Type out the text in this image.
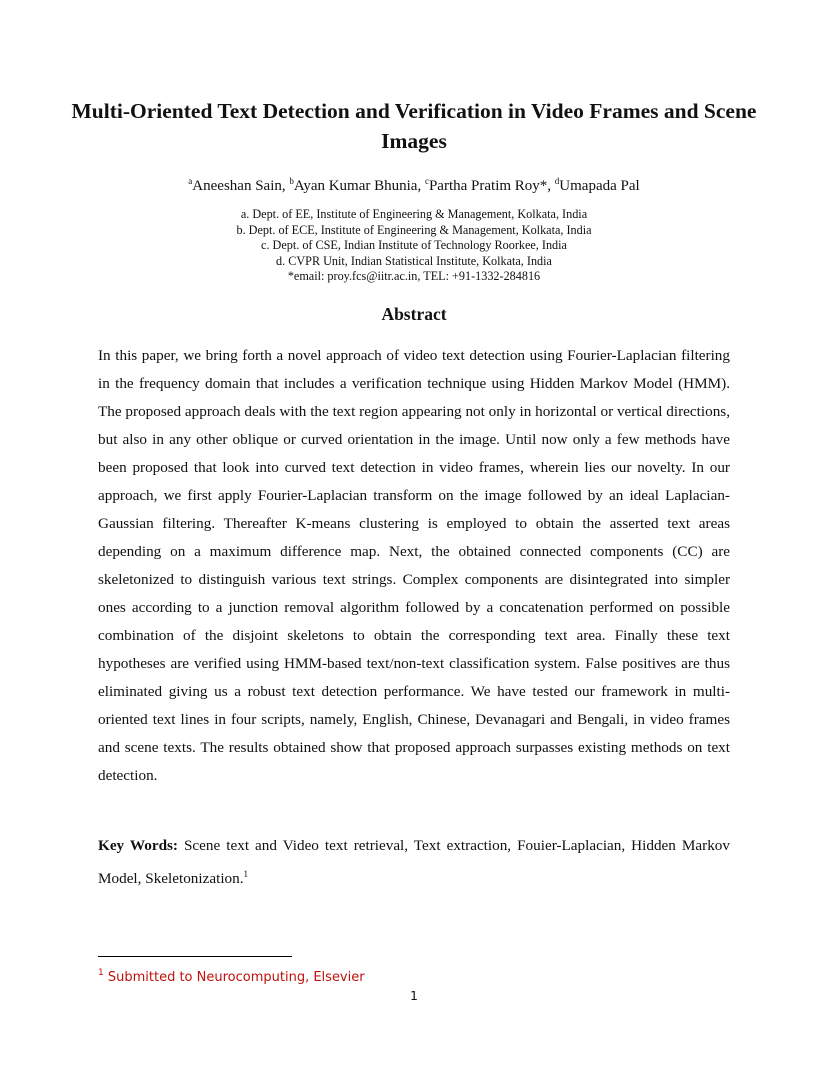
Multi-Oriented Text Detection and Verification in Video Frames and Scene Images
$^a$Aneeshan Sain, $^b$Ayan Kumar Bhunia, $^c$Partha Pratim Roy*, $^d$Umapada Pal
a. Dept. of EE, Institute of Engineering & Management, Kolkata, India
b. Dept. of ECE, Institute of Engineering & Management, Kolkata, India
c. Dept. of CSE, Indian Institute of Technology Roorkee, India
d. CVPR Unit, Indian Statistical Institute, Kolkata, India
*email: proy.fcs@iitr.ac.in, TEL: +91-1332-284816
Abstract

In this paper, we bring forth a novel approach of video text detection using Fourier-Laplacian filtering in the frequency domain that includes a verification technique using Hidden Markov Model (HMM). The proposed approach deals with the text region appearing not only in horizontal or vertical directions, but also in any other oblique or curved orientation in the image. Until now only a few methods have been proposed that look into curved text detection in video frames, wherein lies our novelty. In our approach, we first apply Fourier-Laplacian transform on the image followed by an ideal Laplacian-Gaussian filtering. Thereafter K-means clustering is employed to obtain the asserted text areas depending on a maximum difference map. Next, the obtained connected components (CC) are skeletonized to distinguish various text strings. Complex components are disintegrated into simpler ones according to a junction removal algorithm followed by a concatenation performed on possible combination of the disjoint skeletons to obtain the corresponding text area. Finally these text hypotheses are verified using HMM-based text/non-text classification system. False positives are thus eliminated giving us a robust text detection performance. We have tested our framework in multi-oriented text lines in four scripts, namely, English, Chinese, Devanagari and Bengali, in video frames and scene texts. The results obtained show that proposed approach surpasses existing methods on text detection.

Key Words: Scene text and Video text retrieval, Text extraction, Fouier-Laplacian, Hidden Markov Model, Skeletonization.$^1$

$^1$ Submitted to Neurocomputing, Elsevier
1
